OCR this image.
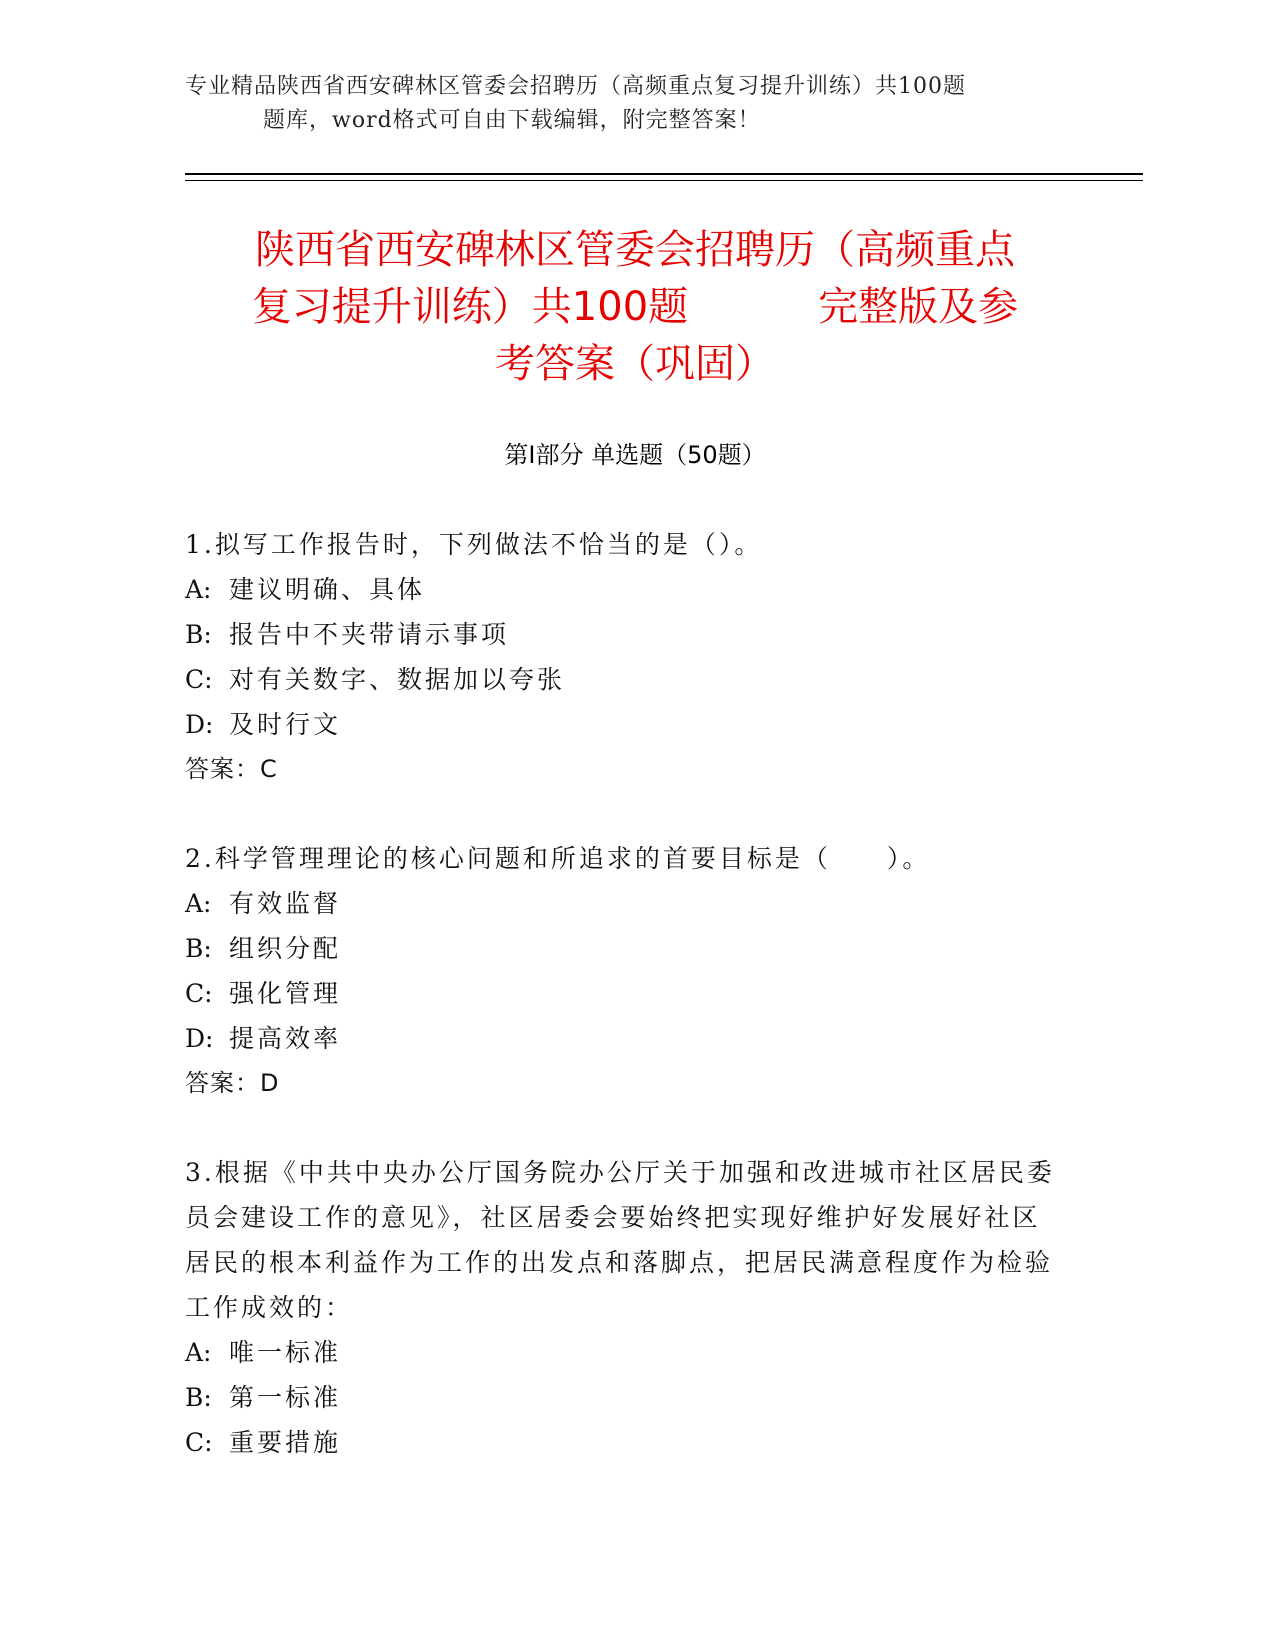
专业精品陕西省西安碑林区管委会招聘历（高频重点复习提升训练）共100题
题库，word格式可自由下载编辑，附完整答案！
陕西省西安碑林区管委会招聘历（高频重点
复习提升训练）共100题	完整版及参
考答案（巩固）
第Ⅰ部分 单选题（50题）

1.拟写工作报告时，下列做法不恰当的是（）。

A: 建议明确、具体

B: 报告中不夹带请示事项

C: 对有关数字、数据加以夸张

D: 及时行文

答案：C

2.科学管理理论的核心问题和所追求的首要目标是（　　）。

A: 有效监督

B: 组织分配

C: 强化管理

D: 提高效率

答案：D

3.根据《中共中央办公厅国务院办公厅关于加强和改进城市社区居民委员会建设工作的意见》，社区居委会要始终把实现好维护好发展好社区居民的根本利益作为工作的出发点和落脚点，把居民满意程度作为检验工作成效的：

A: 唯一标准

B: 第一标准

C: 重要措施
